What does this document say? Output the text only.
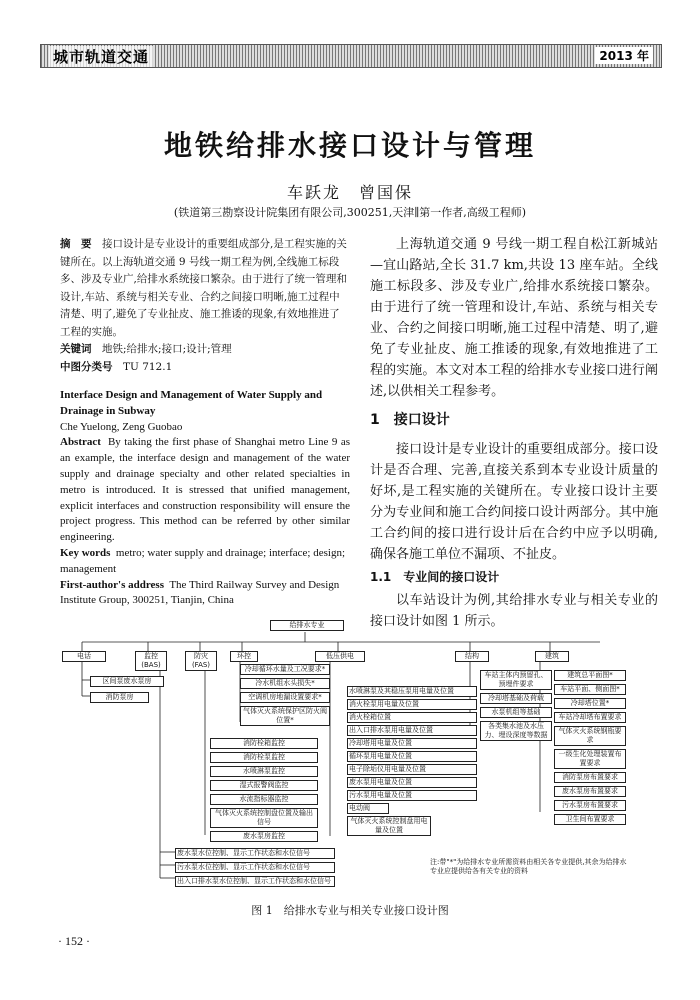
城市轨道交通	2013 年
地铁给排水接口设计与管理
车跃龙　曾国保
(铁道第三勘察设计院集团有限公司,300251,天津∥第一作者,高级工程师)

摘　要　 接口设计是专业设计的重要组成部分,是工程实施的关键所在。以上海轨道交通 9 号线一期工程为例,全线施工标段多、涉及专业广,给排水系统接口繁杂。由于进行了统一管理和设计,车站、系统与相关专业、合约之间接口明晰,施工过程中清楚、明了,避免了专业扯皮、施工推诿的现象,有效地推进了工程的实施。

关键词　 地铁;给排水;接口;设计;管理

中图分类号　 TU 712.1

Interface Design and Management of Water Supply and Drainage in Subway

Che Yuelong, Zeng Guobao

Abstract By taking the first phase of Shanghai metro Line 9 as an example, the interface design and management of the water supply and drainage specialty and other related specialties in metro is introduced. It is stressed that unified management, explicit interfaces and construction responsibility will ensure the project progress. This method can be referred by other similar engineering.

Key words metro; water supply and drainage; interface; design; management

First-author's address The Third Railway Survey and Design Institute Group, 300251, Tianjin, China

上海轨道交通 9 号线一期工程自松江新城站—宜山路站,全长 31.7 km,共设 13 座车站。全线施工标段多、涉及专业广,给排水系统接口繁杂。由于进行了统一管理和设计,车站、系统与相关专业、合约之间接口明晰,施工过程中清楚、明了,避免了专业扯皮、施工推诿的现象,有效地推进了工程的实施。本文对本工程的给排水专业接口进行阐述,以供相关工程参考。

1　接口设计

接口设计是专业设计的重要组成部分。接口设计是否合理、完善,直接关系到本专业设计质量的好坏,是工程实施的关键所在。专业接口设计主要分为专业间和施工合约间接口设计两部分。其中施工合约间的接口进行设计后在合约中应予以明确,确保各施工单位不漏项、不扯皮。

1.1　专业间的接口设计

以车站设计为例,其给排水专业与相关专业的接口设计如图 1 所示。

给排水专业
电话	监控
(BAS)
防灾
(FAS)
环控	低压供电	结构	建筑
区间泵废水泵房
消防泵房
冷却循环水量及工况要求*
冷水机组水头损失*
空调机房地漏设置要求*
气体灭火系统保护区防火阀位置*
消防栓箱监控
消防栓泵监控
水喷淋泵监控
湿式报警阀监控
水流指标器监控
气体灭火系统控制盘位置及输出信号
废水泵房监控
水喷淋泵及其稳压泵用电量及位置
消火栓泵用电量及位置
消火栓箱位置
出入口排水泵用电量及位置
冷却塔用电量及位置
循环泵用电量及位置
电子除垢仪用电量及位置
废水泵用电量及位置
污水泵用电量及位置
电动阀
气体灭火系统控制盘用电量及位置
车站主体内预留孔、预埋件要求
冷却塔基础及荷载
水泵机组等基础
各类集水池及水压力、埋设深度等数据
建筑总平面图*
车站平面、侧面图*
冷却塔位置*
车站冷却塔布置要求
气体灭火系统钢瓶要求
一级生化处理装置布置要求
消防泵房布置要求
废水泵房布置要求
污水泵房布置要求
卫生间布置要求
废水泵水位控制、显示工作状态和水位信号
污水泵水位控制、显示工作状态和水位信号
出入口排水泵水位控制、显示工作状态和水位信号
注:带"*"为给排水专业所需资料由相关各专业提供,其余为给排水专业应提供给各有关专业的资料
图 1　给排水专业与相关专业接口设计图
· 152 ·
